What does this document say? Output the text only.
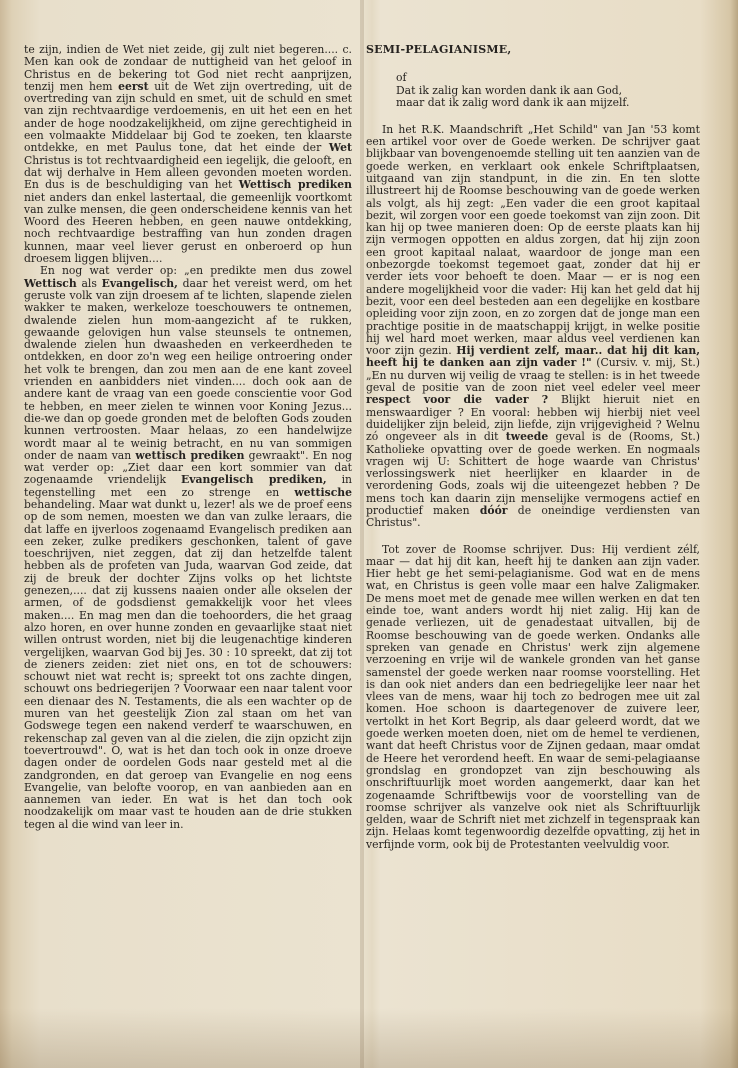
te zijn, indien de Wet niet zeide, gij zult niet begeren.... c. Men kan ook de zondaar de nuttigheid van het geloof in Christus en de bekering tot God niet recht aanprijzen, tenzij men hem eerst uit de Wet zijn overtreding, uit de overtreding van zijn schuld en smet, uit de schuld en smet van zijn rechtvaardige verdoemenis, en uit het een en het ander de hoge noodzakelijkheid, om zijne gerechtigheid in een volmaakte Middelaar bij God te zoeken, ten klaarste ontdekke, en met Paulus tone, dat het einde der Wet Christus is tot rechtvaardigheid een iegelijk, die gelooft, en dat wij derhalve in Hem alleen gevonden moeten worden. En dus is de beschuldiging van het Wettisch prediken niet anders dan enkel lastertaal, die gemeenlijk voortkomt van zulke mensen, die geen onderscheidene kennis van het Woord des Heeren hebben, en geen nauwe ontdekking, noch rechtvaardige bestraffing van hun zonden dragen kunnen, maar veel liever gerust en onberoerd op hun droesem liggen blijven....

En nog wat verder op: „en predikte men dus zowel Wettisch als Evangelisch, daar het vereist werd, om het geruste volk van zijn droesem af te lichten, slapende zielen wakker te maken, werkeloze toeschouwers te ontnemen, dwalende zielen hun mom-aangezicht af te rukken, gewaande gelovigen hun valse steunsels te ontnemen, dwalende zielen hun dwaasheden en verkeerdheden te ontdekken, en door zo'n weg een heilige ontroering onder het volk te brengen, dan zou men aan de ene kant zoveel vrienden en aanbidders niet vinden.... doch ook aan de andere kant de vraag van een goede conscientie voor God te hebben, en meer zielen te winnen voor Koning Jezus... die-we dan op goede gronden met de beloften Gods zouden kunnen vertroosten. Maar helaas, zo een handelwijze wordt maar al te weinig betracht, en nu van sommigen onder de naam van wettisch prediken gewraakt". En nog wat verder op: „Ziet daar een kort sommier van dat zogenaamde vriendelijk Evangelisch prediken, in tegenstelling met een zo strenge en wettische behandeling. Maar wat dunkt u, lezer! als we de proef eens op de som nemen, moesten we dan van zulke leraars, die dat laffe en ijverloos zogenaamd Evangelisch prediken aan een zeker, zulke predikers geschonken, talent of gave toeschrijven, niet zeggen, dat zij dan hetzelfde talent hebben als de profeten van Juda, waarvan God zeide, dat zij de breuk der dochter Zijns volks op het lichtste genezen,.... dat zij kussens naaien onder alle okselen der armen, of de godsdienst gemakkelijk voor het vlees maken.... En mag men dan die toehoorders, die het graag alzo horen, en over hunne zonden en gevaarlijke staat niet willen ontrust worden, niet bij die leugenachtige kinderen vergelijken, waarvan God bij Jes. 30 : 10 spreekt, dat zij tot de zieners zeiden: ziet niet ons, en tot de schouwers: schouwt niet wat recht is; spreekt tot ons zachte dingen, schouwt ons bedriegerijen ? Voorwaar een naar talent voor een dienaar des N. Testaments, die als een wachter op de muren van het geestelijk Zion zal staan om het van Godswege tegen een nakend verderf te waarschuwen, en rekenschap zal geven van al die zielen, die zijn opzicht zijn toevertrouwd". O, wat is het dan toch ook in onze droeve dagen onder de oordelen Gods naar gesteld met al die zandgronden, en dat geroep van Evangelie en nog eens Evangelie, van belofte voorop, en van aanbieden aan en aannemen van ieder. En wat is het dan toch ook noodzakelijk om maar vast te houden aan de drie stukken tegen al die wind van leer in.

SEMI-PELAGIANISME,
of
Dat ik zalig kan worden dank ik aan God,
maar dat ik zalig word dank ik aan mijzelf.

In het R.K. Maandschrift „Het Schild" van Jan '53 komt een artikel voor over de Goede werken. De schrijver gaat blijkbaar van bovengenoemde stelling uit ten aanzien van de goede werken, en verklaart ook enkele Schriftplaatsen, uitgaand van zijn standpunt, in die zin. En ten slotte illustreert hij de Roomse beschouwing van de goede werken als volgt, als hij zegt: „Een vader die een groot kapitaal bezit, wil zorgen voor een goede toekomst van zijn zoon. Dit kan hij op twee manieren doen: Op de eerste plaats kan hij zijn vermogen oppotten en aldus zorgen, dat hij zijn zoon een groot kapitaal nalaat, waardoor de jonge man een onbezorgde toekomst tegemoet gaat, zonder dat hij er verder iets voor behoeft te doen. Maar — er is nog een andere mogelijkheid voor die vader: Hij kan het geld dat hij bezit, voor een deel besteden aan een degelijke en kostbare opleiding voor zijn zoon, en zo zorgen dat de jonge man een prachtige positie in de maatschappij krijgt, in welke positie hij wel hard moet werken, maar aldus veel verdienen kan voor zijn gezin. Hij verdient zelf, maar.. dat hij dit kan, heeft hij te danken aan zijn vader !" (Cursiv. v. mij, St.) „En nu durven wij veilig de vraag te stellen: is in het tweede geval de positie van de zoon niet veel edeler veel meer respect voor die vader ? Blijkt hieruit niet en menswaardiger ? En vooral: hebben wij hierbij niet veel duidelijker zijn beleid, zijn liefde, zijn vrijgevigheid ? Welnu zó ongeveer als in dit tweede geval is de (Rooms, St.) Katholieke opvatting over de goede werken. En nogmaals vragen wij U: Schittert de hoge waarde van Christus' verlossingswerk niet heerlijker en klaarder in de verordening Gods, zoals wij die uiteengezet hebben ? De mens toch kan daarin zijn menselijke vermogens actief en productief maken dóór de oneindige verdiensten van Christus".

Tot zover de Roomse schrijver. Dus: Hij verdient zélf, maar — dat hij dit kan, heeft hij te danken aan zijn vader. Hier hebt ge het semi-pelagianisme. God wat en de mens wat, en Christus is geen volle maar een halve Zaligmaker. De mens moet met de genade mee willen werken en dat ten einde toe, want anders wordt hij niet zalig. Hij kan de genade verliezen, uit de genadestaat uitvallen, bij de Roomse beschouwing van de goede werken. Ondanks alle spreken van genade en Christus' werk zijn algemene verzoening en vrije wil de wankele gronden van het ganse samenstel der goede werken naar roomse voorstelling. Het is dan ook niet anders dan een bedriegelijke leer naar het vlees van de mens, waar hij toch zo bedrogen mee uit zal komen. Hoe schoon is daartegenover de zuivere leer, vertolkt in het Kort Begrip, als daar geleerd wordt, dat we goede werken moeten doen, niet om de hemel te verdienen, want dat heeft Christus voor de Zijnen gedaan, maar omdat de Heere het verordend heeft. En waar de semi-pelagiaanse grondslag en grondopzet van zijn beschouwing als onschriftuurlijk moet worden aangemerkt, daar kan het zogenaamde Schriftbewijs voor de voorstelling van de roomse schrijver als vanzelve ook niet als Schriftuurlijk gelden, waar de Schrift niet met zichzelf in tegenspraak kan zijn. Helaas komt tegenwoordig dezelfde opvatting, zij het in verfijnde vorm, ook bij de Protestanten veelvuldig voor.
